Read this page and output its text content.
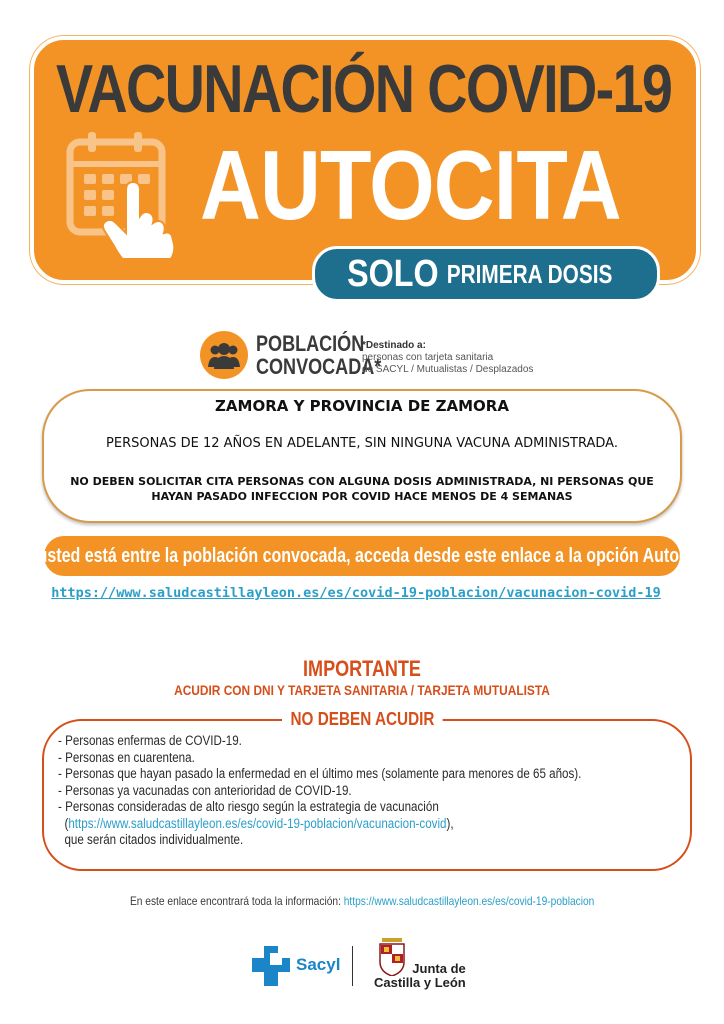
VACUNACIÓN COVID-19
AUTOCITA
SOLO PRIMERA DOSIS
POBLACIÓN
CONVOCADA*
*Destinado a:
personas con tarjeta sanitaria
de SACYL / Mutualistas / Desplazados
ZAMORA Y PROVINCIA DE ZAMORA
PERSONAS DE 12 AÑOS EN ADELANTE, SIN NINGUNA VACUNA ADMINISTRADA.
NO DEBEN SOLICITAR CITA PERSONAS CON ALGUNA DOSIS ADMINISTRADA, NI PERSONAS QUE HAYAN PASADO INFECCION POR COVID HACE MENOS DE 4 SEMANAS
Si usted está entre la población convocada, acceda desde este enlace a la opción Autocita
https://www.saludcastillayleon.es/es/covid-19-poblacion/vacunacion-covid-19
IMPORTANTE
ACUDIR CON DNI Y TARJETA SANITARIA / TARJETA MUTUALISTA
NO DEBEN ACUDIR
- Personas enfermas de COVID-19.
- Personas en cuarentena.
- Personas que hayan pasado la enfermedad en el último mes (solamente para menores de 65 años).
- Personas ya vacunadas con anterioridad de COVID-19.
- Personas consideradas de alto riesgo según la estrategia de vacunación
(https://www.saludcastillayleon.es/es/covid-19-poblacion/vacunacion-covid),
que serán citados individualmente.
En este enlace encontrará toda la información: https://www.saludcastillayleon.es/es/covid-19-poblacion
Sacyl	Junta de
Castilla y León
